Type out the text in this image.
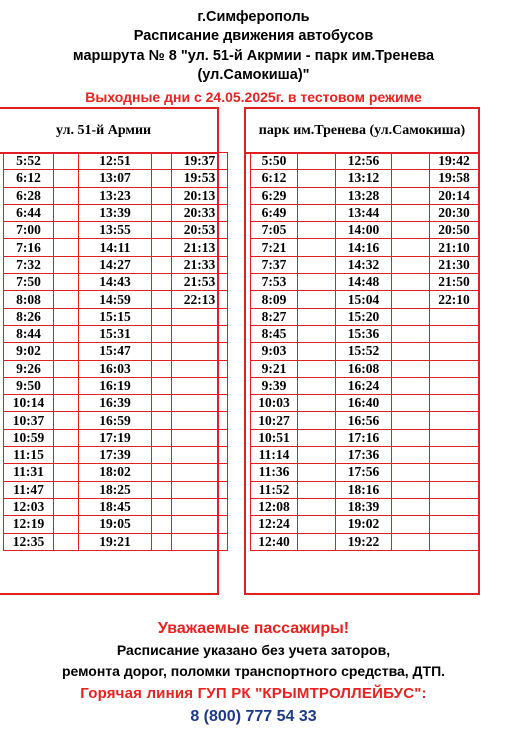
г.Симферополь
Расписание движения автобусов
маршрута № 8 "ул. 51-й Акрмии - парк им.Тренева
(ул.Самокиша)"
Выходные дни с 24.05.2025г. в тестовом режиме
ул. 51-й Армии	парк им.Тренева (ул.Самокиша)
5:52		12:51		19:37
6:12		13:07		19:53
6:28		13:23		20:13
6:44		13:39		20:33
7:00		13:55		20:53
7:16		14:11		21:13
7:32		14:27		21:33
7:50		14:43		21:53
8:08		14:59		22:13
8:26		15:15		
8:44		15:31		
9:02		15:47		
9:26		16:03		
9:50		16:19		
10:14		16:39		
10:37		16:59		
10:59		17:19		
11:15		17:39		
11:31		18:02		
11:47		18:25		
12:03		18:45		
12:19		19:05		
12:35		19:21		
5:50		12:56		19:42
6:12		13:12		19:58
6:29		13:28		20:14
6:49		13:44		20:30
7:05		14:00		20:50
7:21		14:16		21:10
7:37		14:32		21:30
7:53		14:48		21:50
8:09		15:04		22:10
8:27		15:20		
8:45		15:36		
9:03		15:52		
9:21		16:08		
9:39		16:24		
10:03		16:40		
10:27		16:56		
10:51		17:16		
11:14		17:36		
11:36		17:56		
11:52		18:16		
12:08		18:39		
12:24		19:02		
12:40		19:22		
Уважаемые пассажиры!
Расписание указано без учета заторов,
ремонта дорог, поломки транспортного средства, ДТП.
Горячая линия ГУП РК "КРЫМТРОЛЛЕЙБУС":
8 (800) 777 54 33
